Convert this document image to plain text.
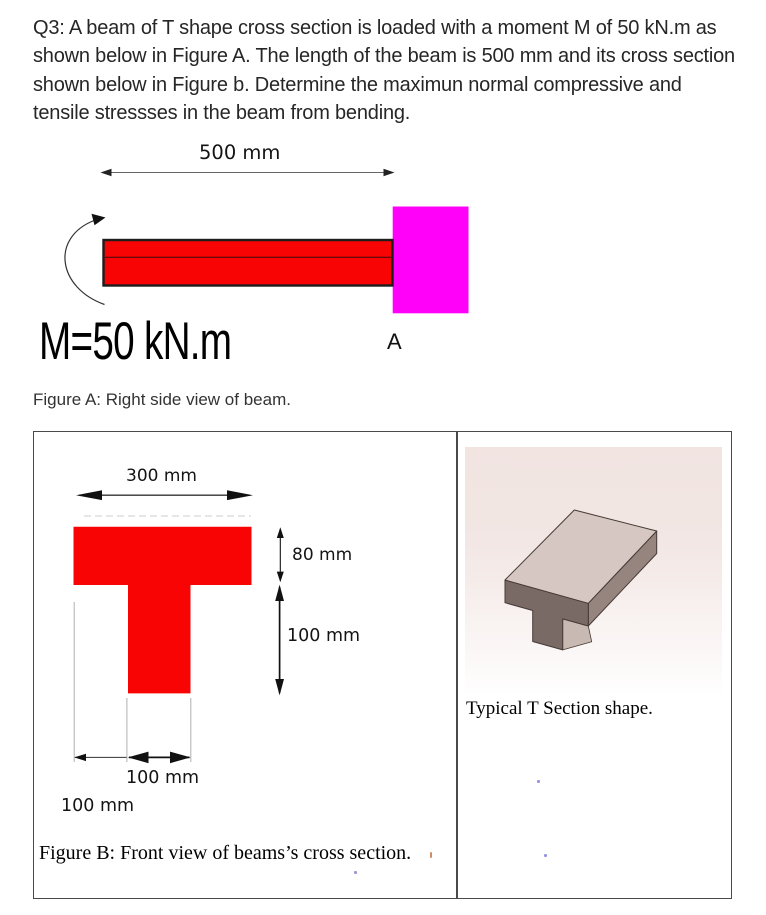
Q3: A beam of T shape cross section is loaded with a moment M of 50 kN.m as
shown below in Figure A. The length of the beam is 500 mm and its cross section
shown below in Figure b. Determine the maximun normal compressive and
tensile stressses in the beam from bending.
500 mm
M=50 kN.m	A
Figure A: Right side view of beam.
300 mm
80 mm
100 mm
100 mm
100 mm
Figure B: Front view of beams’s cross section.
Typical T Section shape.
